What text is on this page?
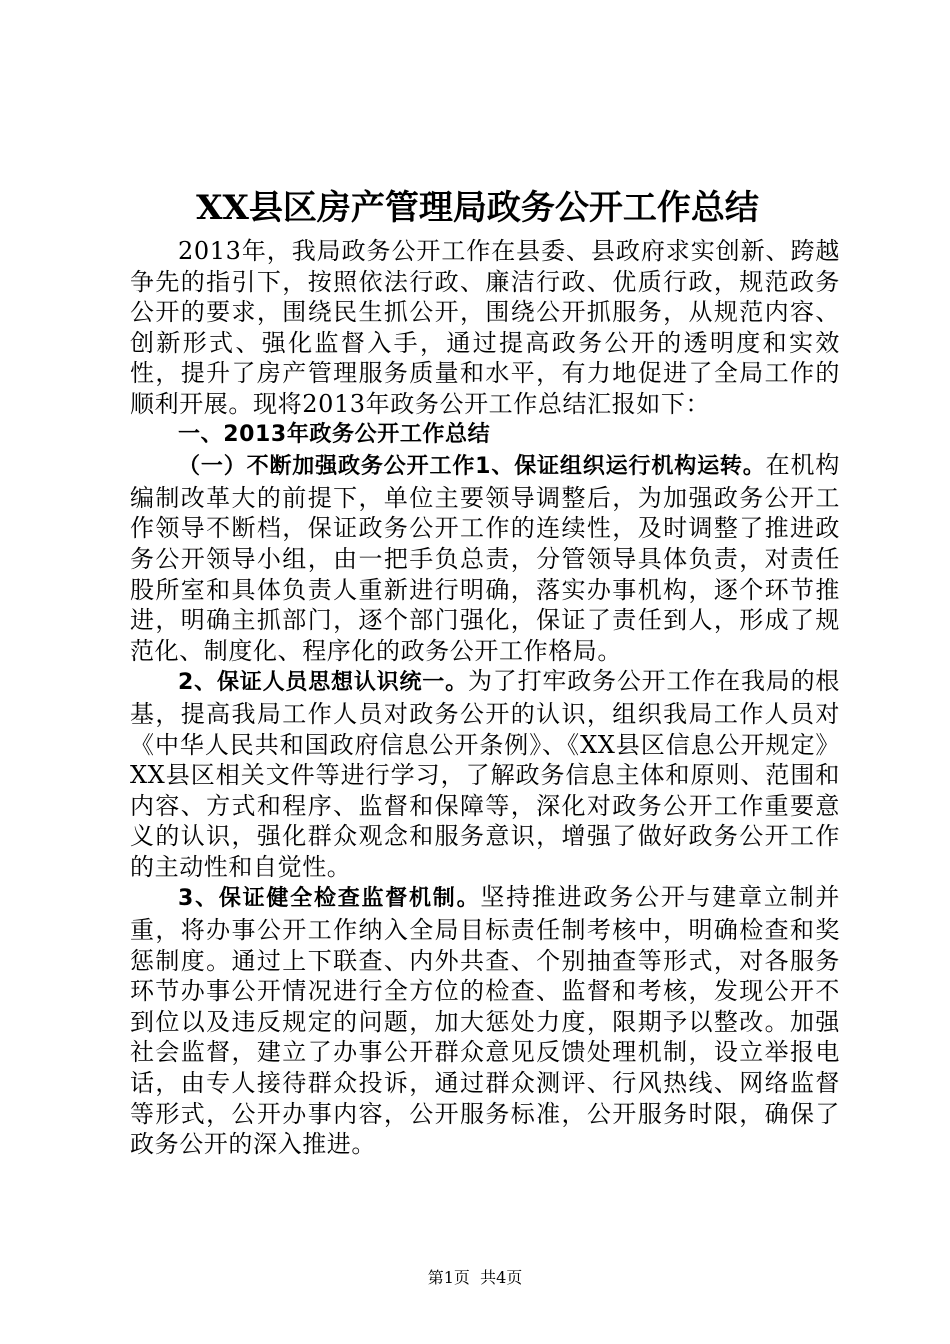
XX县区房产管理局政务公开工作总结

2013年，我局政务公开工作在县委、县政府求实创新、跨越争先的指引下，按照依法行政、廉洁行政、优质行政，规范政务公开的要求，围绕民生抓公开，围绕公开抓服务，从规范内容、创新形式、强化监督入手，通过提高政务公开的透明度和实效性，提升了房产管理服务质量和水平，有力地促进了全局工作的顺利开展。现将2013年政务公开工作总结汇报如下：

一、2013年政务公开工作总结

（一）不断加强政务公开工作1、保证组织运行机构运转。在机构编制改革大的前提下，单位主要领导调整后，为加强政务公开工作领导不断档，保证政务公开工作的连续性，及时调整了推进政务公开领导小组，由一把手负总责，分管领导具体负责，对责任股所室和具体负责人重新进行明确，落实办事机构，逐个环节推进，明确主抓部门，逐个部门强化，保证了责任到人，形成了规范化、制度化、程序化的政务公开工作格局。

2、保证人员思想认识统一。为了打牢政务公开工作在我局的根基，提高我局工作人员对政务公开的认识，组织我局工作人员对《中华人民共和国政府信息公开条例》、《XX县区信息公开规定》XX县区相关文件等进行学习，了解政务信息主体和原则、范围和内容、方式和程序、监督和保障等，深化对政务公开工作重要意义的认识，强化群众观念和服务意识，增强了做好政务公开工作的主动性和自觉性。

3、保证健全检查监督机制。坚持推进政务公开与建章立制并重，将办事公开工作纳入全局目标责任制考核中，明确检查和奖惩制度。通过上下联查、内外共查、个别抽查等形式，对各服务环节办事公开情况进行全方位的检查、监督和考核，发现公开不到位以及违反规定的问题，加大惩处力度，限期予以整改。加强社会监督，建立了办事公开群众意见反馈处理机制，设立举报电话，由专人接待群众投诉，通过群众测评、行风热线、网络监督等形式，公开办事内容，公开服务标准，公开服务时限，确保了政务公开的深入推进。

第1页 共4页
